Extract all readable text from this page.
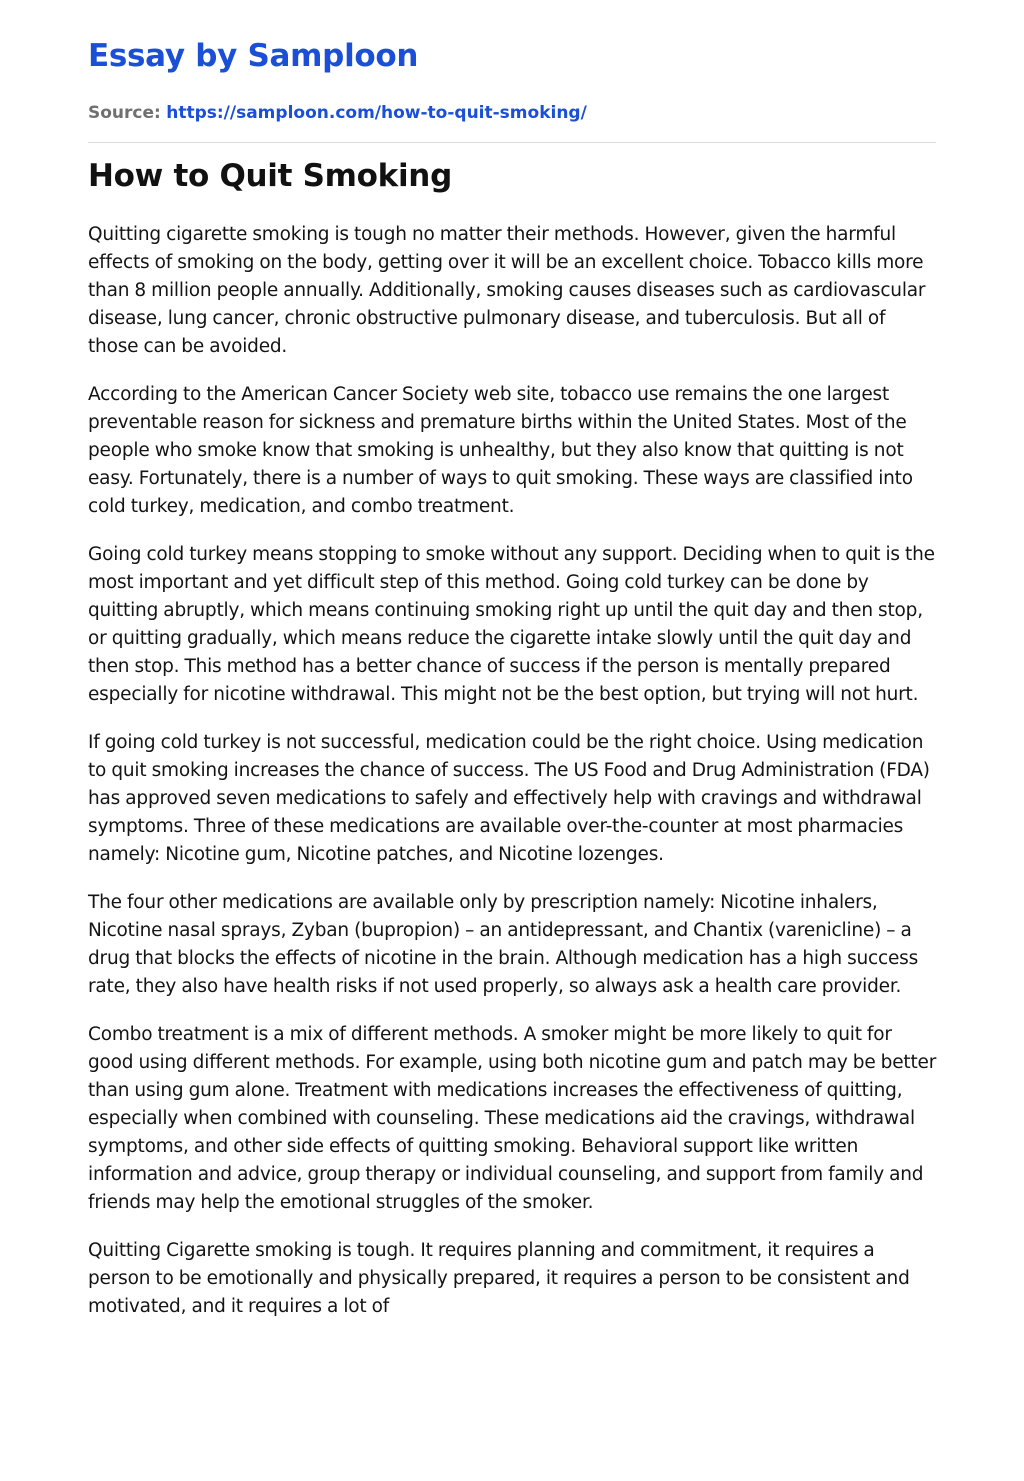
Essay by Samploon
Source: https://samploon.com/how-to-quit-smoking/
How to Quit Smoking

Quitting cigarette smoking is tough no matter their methods. However, given the harmful effects of smoking on the body, getting over it will be an excellent choice. Tobacco kills more than 8 million people annually. Additionally, smoking causes diseases such as cardiovascular disease, lung cancer, chronic obstructive pulmonary disease, and tuberculosis. But all of those can be avoided.

According to the American Cancer Society web site, tobacco use remains the one largest preventable reason for sickness and premature births within the United States. Most of the people who smoke know that smoking is unhealthy, but they also know that quitting is not easy. Fortunately, there is a number of ways to quit smoking. These ways are classified into cold turkey, medication, and combo treatment.

Going cold turkey means stopping to smoke without any support. Deciding when to quit is the most important and yet difficult step of this method. Going cold turkey can be done by quitting abruptly, which means continuing smoking right up until the quit day and then stop, or quitting gradually, which means reduce the cigarette intake slowly until the quit day and then stop. This method has a better chance of success if the person is mentally prepared especially for nicotine withdrawal. This might not be the best option, but trying will not hurt.

If going cold turkey is not successful, medication could be the right choice. Using medication to quit smoking increases the chance of success. The US Food and Drug Administration (FDA) has approved seven medications to safely and effectively help with cravings and withdrawal symptoms. Three of these medications are available over-the-counter at most pharmacies namely: Nicotine gum, Nicotine patches, and Nicotine lozenges.

The four other medications are available only by prescription namely: Nicotine inhalers, Nicotine nasal sprays, Zyban (bupropion) – an antidepressant, and Chantix (varenicline) – a drug that blocks the effects of nicotine in the brain. Although medication has a high success rate, they also have health risks if not used properly, so always ask a health care provider.

Combo treatment is a mix of different methods. A smoker might be more likely to quit for good using different methods. For example, using both nicotine gum and patch may be better than using gum alone. Treatment with medications increases the effectiveness of quitting, especially when combined with counseling. These medications aid the cravings, withdrawal symptoms, and other side effects of quitting smoking. Behavioral support like written information and advice, group therapy or individual counseling, and support from family and friends may help the emotional struggles of the smoker.

Quitting Cigarette smoking is tough. It requires planning and commitment, it requires a person to be emotionally and physically prepared, it requires a person to be consistent and motivated, and it requires a lot of
